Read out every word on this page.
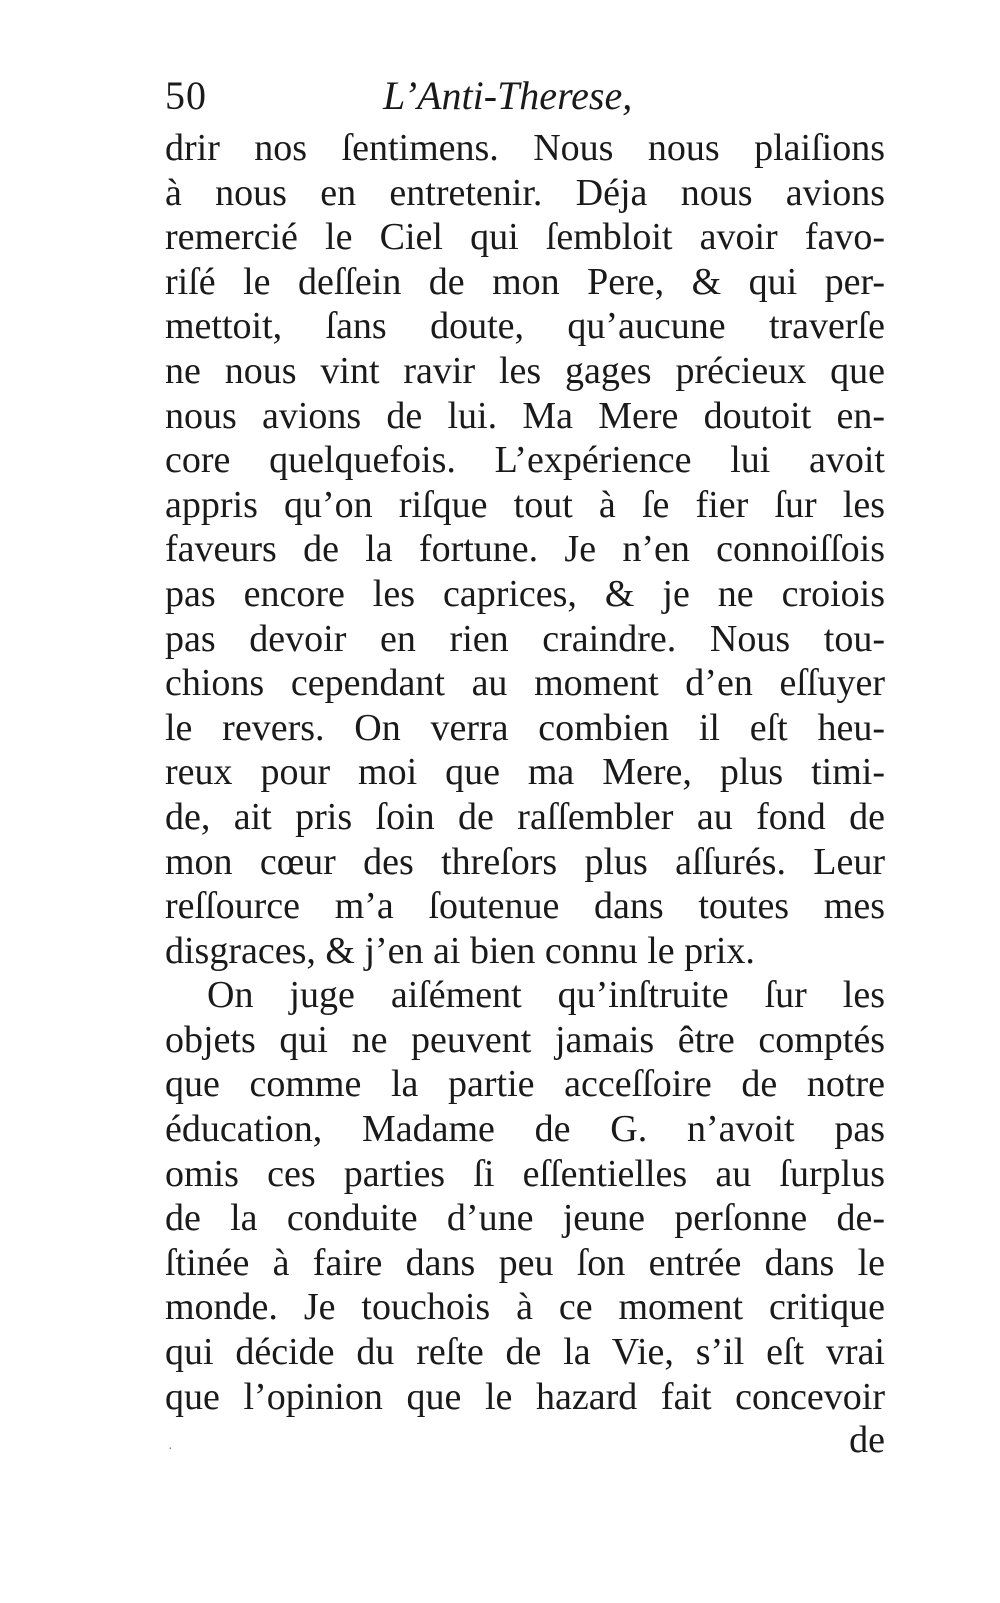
50	L’Anti-Therese,
drir nos ſentimens. Nous nous plaiſions
à nous en entretenir. Déja nous avions
remercié le Ciel qui ſembloit avoir favo-
riſé le deſſein de mon Pere, & qui per-
mettoit, ſans doute, qu’aucune traverſe
ne nous vint ravir les gages précieux que
nous avions de lui. Ma Mere doutoit en-
core quelquefois. L’expérience lui avoit
appris qu’on riſque tout à ſe fier ſur les
faveurs de la fortune. Je n’en connoiſſois
pas encore les caprices, & je ne croiois
pas devoir en rien craindre. Nous tou-
chions cependant au moment d’en eſſuyer
le revers. On verra combien il eſt heu-
reux pour moi que ma Mere, plus timi-
de, ait pris ſoin de raſſembler au fond de
mon cœur des threſors plus aſſurés. Leur
reſſource m’a ſoutenue dans toutes mes
disgraces, & j’en ai bien connu le prix.
On juge aiſément qu’inſtruite ſur les
objets qui ne peuvent jamais être comptés
que comme la partie acceſſoire de notre
éducation, Madame de G. n’avoit pas
omis ces parties ſi eſſentielles au ſurplus
de la conduite d’une jeune perſonne de-
ſtinée à faire dans peu ſon entrée dans le
monde. Je touchois à ce moment critique
qui décide du reſte de la Vie, s’il eſt vrai
que l’opinion que le hazard fait concevoir
·	de
